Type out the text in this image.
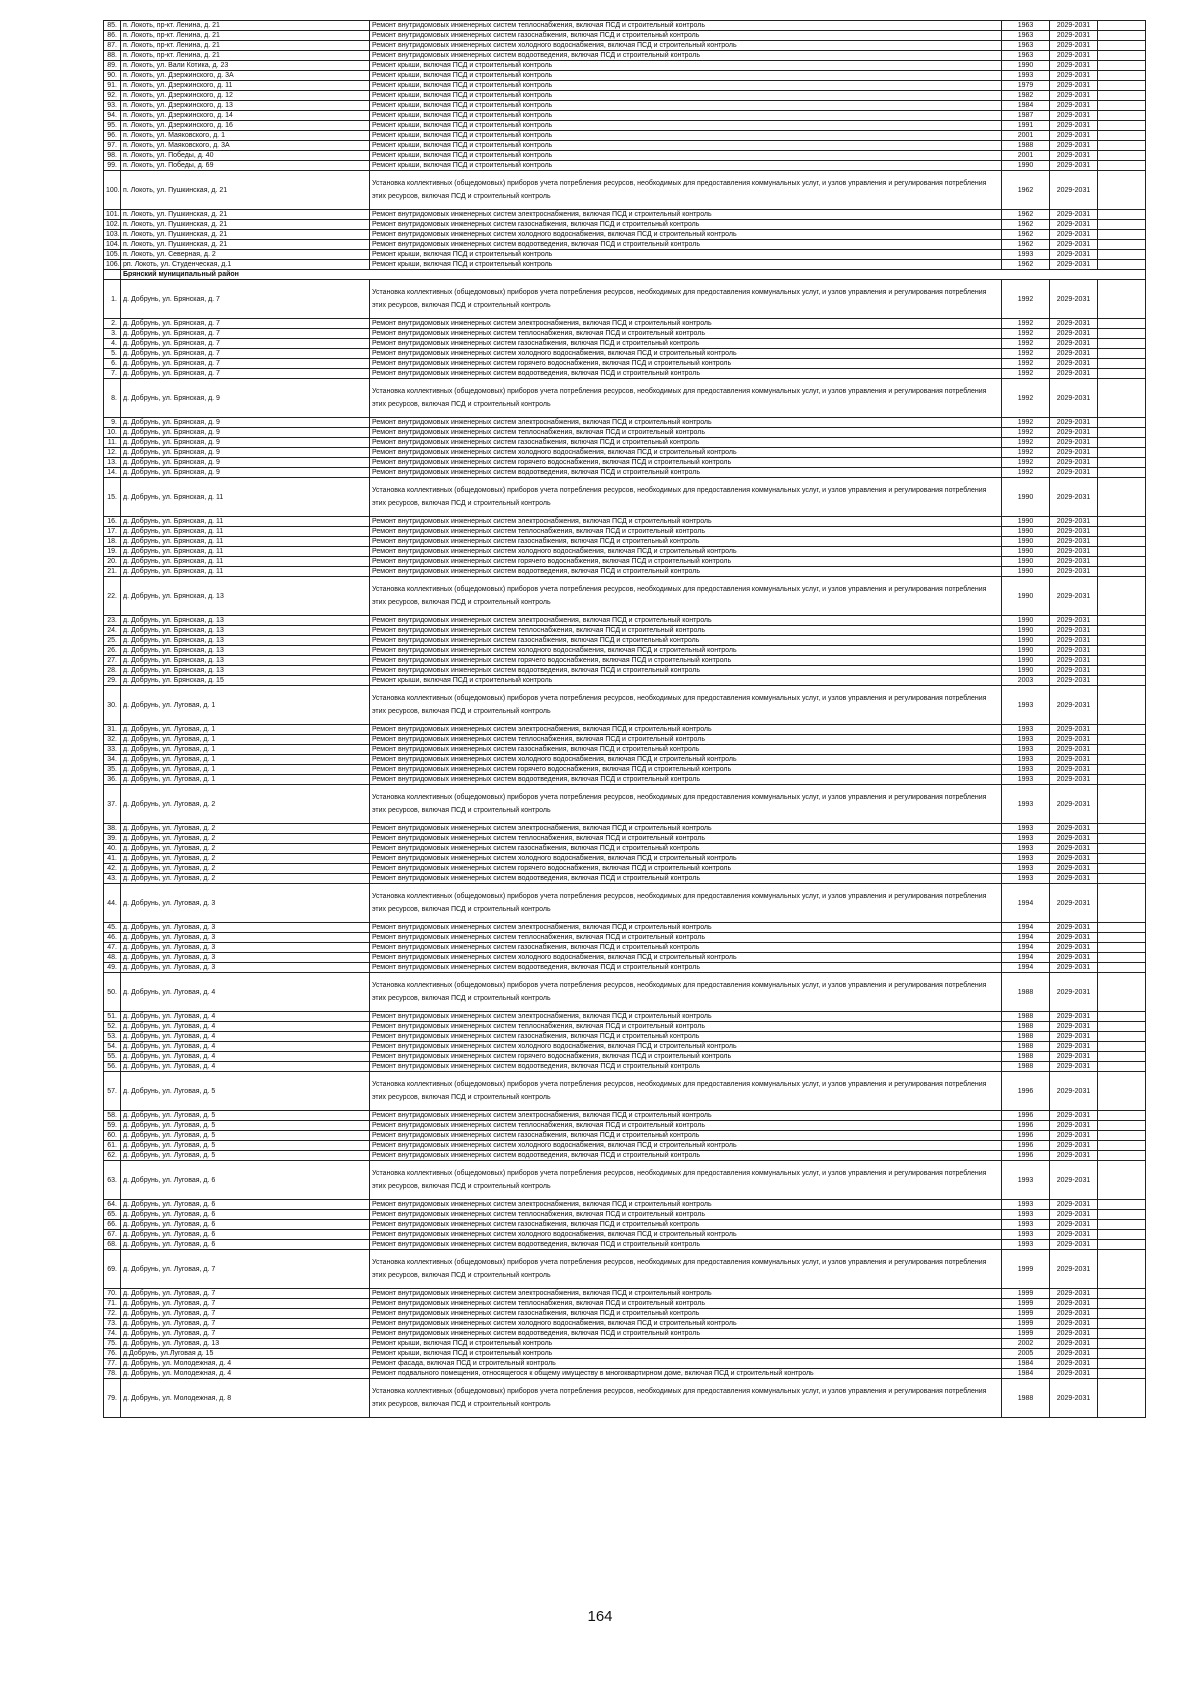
85.	п. Локоть, пр-кт. Ленина, д. 21	Ремонт внутридомовых инженерных систем теплоснабжения, включая ПСД и строительный контроль	1963	2029-2031	
86.	п. Локоть, пр-кт. Ленина, д. 21	Ремонт внутридомовых инженерных систем газоснабжения, включая ПСД и строительный контроль	1963	2029-2031	
87.	п. Локоть, пр-кт. Ленина, д. 21	Ремонт внутридомовых инженерных систем холодного водоснабжения, включая ПСД и строительный контроль	1963	2029-2031	
88.	п. Локоть, пр-кт. Ленина, д. 21	Ремонт внутридомовых инженерных систем водоотведения, включая ПСД и строительный контроль	1963	2029-2031	
89.	п. Локоть, ул. Вали Котика, д. 23	Ремонт крыши, включая ПСД и строительный контроль	1990	2029-2031	
90.	п. Локоть, ул. Дзержинского, д. 3А	Ремонт крыши, включая ПСД и строительный контроль	1993	2029-2031	
91.	п. Локоть, ул. Дзержинского, д. 11	Ремонт крыши, включая ПСД и строительный контроль	1979	2029-2031	
92.	п. Локоть, ул. Дзержинского, д. 12	Ремонт крыши, включая ПСД и строительный контроль	1982	2029-2031	
93.	п. Локоть, ул. Дзержинского, д. 13	Ремонт крыши, включая ПСД и строительный контроль	1984	2029-2031	
94.	п. Локоть, ул. Дзержинского, д. 14	Ремонт крыши, включая ПСД и строительный контроль	1987	2029-2031	
95.	п. Локоть, ул. Дзержинского, д. 16	Ремонт крыши, включая ПСД и строительный контроль	1991	2029-2031	
96.	п. Локоть, ул. Маяковского, д. 1	Ремонт крыши, включая ПСД и строительный контроль	2001	2029-2031	
97.	п. Локоть, ул. Маяковского, д. 3А	Ремонт крыши, включая ПСД и строительный контроль	1988	2029-2031	
98.	п. Локоть, ул. Победы, д. 40	Ремонт крыши, включая ПСД и строительный контроль	2001	2029-2031	
99.	п. Локоть, ул. Победы, д. 69	Ремонт крыши, включая ПСД и строительный контроль	1990	2029-2031	
100.	п. Локоть, ул. Пушкинская, д. 21	Установка коллективных (общедомовых) приборов учета потребления ресурсов, необходимых для предоставления коммунальных услуг, и узлов управления и регулирования потребления этих ресурсов, включая ПСД и строительный контроль	1962	2029-2031	
101.	п. Локоть, ул. Пушкинская, д. 21	Ремонт внутридомовых инженерных систем электроснабжения, включая ПСД и строительный контроль	1962	2029-2031	
102.	п. Локоть, ул. Пушкинская, д. 21	Ремонт внутридомовых инженерных систем газоснабжения, включая ПСД и строительный контроль	1962	2029-2031	
103.	п. Локоть, ул. Пушкинская, д. 21	Ремонт внутридомовых инженерных систем холодного водоснабжения, включая ПСД и строительный контроль	1962	2029-2031	
104.	п. Локоть, ул. Пушкинская, д. 21	Ремонт внутридомовых инженерных систем водоотведения, включая ПСД и строительный контроль	1962	2029-2031	
105.	п. Локоть, ул. Северная, д. 2	Ремонт крыши, включая ПСД и строительный контроль	1993	2029-2031	
106.	рп. Локоть, ул. Студенческая, д.1	Ремонт крыши, включая ПСД и строительный контроль	1962	2029-2031	
	Брянский муниципальный район				
1.	д. Добрунь, ул. Брянская, д. 7	Установка коллективных (общедомовых) приборов учета потребления ресурсов, необходимых для предоставления коммунальных услуг, и узлов управления и регулирования потребления этих ресурсов, включая ПСД и строительный контроль	1992	2029-2031	
2.	д. Добрунь, ул. Брянская, д. 7	Ремонт внутридомовых инженерных систем электроснабжения, включая ПСД и строительный контроль	1992	2029-2031	
3.	д. Добрунь, ул. Брянская, д. 7	Ремонт внутридомовых инженерных систем теплоснабжения, включая ПСД и строительный контроль	1992	2029-2031	
4.	д. Добрунь, ул. Брянская, д. 7	Ремонт внутридомовых инженерных систем газоснабжения, включая ПСД и строительный контроль	1992	2029-2031	
5.	д. Добрунь, ул. Брянская, д. 7	Ремонт внутридомовых инженерных систем холодного водоснабжения, включая ПСД и строительный контроль	1992	2029-2031	
6.	д. Добрунь, ул. Брянская, д. 7	Ремонт внутридомовых инженерных систем горячего водоснабжения, включая ПСД и строительный контроль	1992	2029-2031	
7.	д. Добрунь, ул. Брянская, д. 7	Ремонт внутридомовых инженерных систем водоотведения, включая ПСД и строительный контроль	1992	2029-2031	
8.	д. Добрунь, ул. Брянская, д. 9	Установка коллективных (общедомовых) приборов учета потребления ресурсов, необходимых для предоставления коммунальных услуг, и узлов управления и регулирования потребления этих ресурсов, включая ПСД и строительный контроль	1992	2029-2031	
9.	д. Добрунь, ул. Брянская, д. 9	Ремонт внутридомовых инженерных систем электроснабжения, включая ПСД и строительный контроль	1992	2029-2031	
10.	д. Добрунь, ул. Брянская, д. 9	Ремонт внутридомовых инженерных систем теплоснабжения, включая ПСД и строительный контроль	1992	2029-2031	
11.	д. Добрунь, ул. Брянская, д. 9	Ремонт внутридомовых инженерных систем газоснабжения, включая ПСД и строительный контроль	1992	2029-2031	
12.	д. Добрунь, ул. Брянская, д. 9	Ремонт внутридомовых инженерных систем холодного водоснабжения, включая ПСД и строительный контроль	1992	2029-2031	
13.	д. Добрунь, ул. Брянская, д. 9	Ремонт внутридомовых инженерных систем горячего водоснабжения, включая ПСД и строительный контроль	1992	2029-2031	
14.	д. Добрунь, ул. Брянская, д. 9	Ремонт внутридомовых инженерных систем водоотведения, включая ПСД и строительный контроль	1992	2029-2031	
15.	д. Добрунь, ул. Брянская, д. 11	Установка коллективных (общедомовых) приборов учета потребления ресурсов, необходимых для предоставления коммунальных услуг, и узлов управления и регулирования потребления этих ресурсов, включая ПСД и строительный контроль	1990	2029-2031	
16.	д. Добрунь, ул. Брянская, д. 11	Ремонт внутридомовых инженерных систем электроснабжения, включая ПСД и строительный контроль	1990	2029-2031	
17.	д. Добрунь, ул. Брянская, д. 11	Ремонт внутридомовых инженерных систем теплоснабжения, включая ПСД и строительный контроль	1990	2029-2031	
18.	д. Добрунь, ул. Брянская, д. 11	Ремонт внутридомовых инженерных систем газоснабжения, включая ПСД и строительный контроль	1990	2029-2031	
19.	д. Добрунь, ул. Брянская, д. 11	Ремонт внутридомовых инженерных систем холодного водоснабжения, включая ПСД и строительный контроль	1990	2029-2031	
20.	д. Добрунь, ул. Брянская, д. 11	Ремонт внутридомовых инженерных систем горячего водоснабжения, включая ПСД и строительный контроль	1990	2029-2031	
21.	д. Добрунь, ул. Брянская, д. 11	Ремонт внутридомовых инженерных систем водоотведения, включая ПСД и строительный контроль	1990	2029-2031	
22.	д. Добрунь, ул. Брянская, д. 13	Установка коллективных (общедомовых) приборов учета потребления ресурсов, необходимых для предоставления коммунальных услуг, и узлов управления и регулирования потребления этих ресурсов, включая ПСД и строительный контроль	1990	2029-2031	
23.	д. Добрунь, ул. Брянская, д. 13	Ремонт внутридомовых инженерных систем электроснабжения, включая ПСД и строительный контроль	1990	2029-2031	
24.	д. Добрунь, ул. Брянская, д. 13	Ремонт внутридомовых инженерных систем теплоснабжения, включая ПСД и строительный контроль	1990	2029-2031	
25.	д. Добрунь, ул. Брянская, д. 13	Ремонт внутридомовых инженерных систем газоснабжения, включая ПСД и строительный контроль	1990	2029-2031	
26.	д. Добрунь, ул. Брянская, д. 13	Ремонт внутридомовых инженерных систем холодного водоснабжения, включая ПСД и строительный контроль	1990	2029-2031	
27.	д. Добрунь, ул. Брянская, д. 13	Ремонт внутридомовых инженерных систем горячего водоснабжения, включая ПСД и строительный контроль	1990	2029-2031	
28.	д. Добрунь, ул. Брянская, д. 13	Ремонт внутридомовых инженерных систем водоотведения, включая ПСД и строительный контроль	1990	2029-2031	
29.	д. Добрунь, ул. Брянская, д. 15	Ремонт крыши, включая ПСД и строительный контроль	2003	2029-2031	
30.	д. Добрунь, ул. Луговая, д. 1	Установка коллективных (общедомовых) приборов учета потребления ресурсов, необходимых для предоставления коммунальных услуг, и узлов управления и регулирования потребления этих ресурсов, включая ПСД и строительный контроль	1993	2029-2031	
31.	д. Добрунь, ул. Луговая, д. 1	Ремонт внутридомовых инженерных систем электроснабжения, включая ПСД и строительный контроль	1993	2029-2031	
32.	д. Добрунь, ул. Луговая, д. 1	Ремонт внутридомовых инженерных систем теплоснабжения, включая ПСД и строительный контроль	1993	2029-2031	
33.	д. Добрунь, ул. Луговая, д. 1	Ремонт внутридомовых инженерных систем газоснабжения, включая ПСД и строительный контроль	1993	2029-2031	
34.	д. Добрунь, ул. Луговая, д. 1	Ремонт внутридомовых инженерных систем холодного водоснабжения, включая ПСД и строительный контроль	1993	2029-2031	
35.	д. Добрунь, ул. Луговая, д. 1	Ремонт внутридомовых инженерных систем горячего водоснабжения, включая ПСД и строительный контроль	1993	2029-2031	
36.	д. Добрунь, ул. Луговая, д. 1	Ремонт внутридомовых инженерных систем водоотведения, включая ПСД и строительный контроль	1993	2029-2031	
37.	д. Добрунь, ул. Луговая, д. 2	Установка коллективных (общедомовых) приборов учета потребления ресурсов, необходимых для предоставления коммунальных услуг, и узлов управления и регулирования потребления этих ресурсов, включая ПСД и строительный контроль	1993	2029-2031	
38.	д. Добрунь, ул. Луговая, д. 2	Ремонт внутридомовых инженерных систем электроснабжения, включая ПСД и строительный контроль	1993	2029-2031	
39.	д. Добрунь, ул. Луговая, д. 2	Ремонт внутридомовых инженерных систем теплоснабжения, включая ПСД и строительный контроль	1993	2029-2031	
40.	д. Добрунь, ул. Луговая, д. 2	Ремонт внутридомовых инженерных систем газоснабжения, включая ПСД и строительный контроль	1993	2029-2031	
41.	д. Добрунь, ул. Луговая, д. 2	Ремонт внутридомовых инженерных систем холодного водоснабжения, включая ПСД и строительный контроль	1993	2029-2031	
42.	д. Добрунь, ул. Луговая, д. 2	Ремонт внутридомовых инженерных систем горячего водоснабжения, включая ПСД и строительный контроль	1993	2029-2031	
43.	д. Добрунь, ул. Луговая, д. 2	Ремонт внутридомовых инженерных систем водоотведения, включая ПСД и строительный контроль	1993	2029-2031	
44.	д. Добрунь, ул. Луговая, д. 3	Установка коллективных (общедомовых) приборов учета потребления ресурсов, необходимых для предоставления коммунальных услуг, и узлов управления и регулирования потребления этих ресурсов, включая ПСД и строительный контроль	1994	2029-2031	
45.	д. Добрунь, ул. Луговая, д. 3	Ремонт внутридомовых инженерных систем электроснабжения, включая ПСД и строительный контроль	1994	2029-2031	
46.	д. Добрунь, ул. Луговая, д. 3	Ремонт внутридомовых инженерных систем теплоснабжения, включая ПСД и строительный контроль	1994	2029-2031	
47.	д. Добрунь, ул. Луговая, д. 3	Ремонт внутридомовых инженерных систем газоснабжения, включая ПСД и строительный контроль	1994	2029-2031	
48.	д. Добрунь, ул. Луговая, д. 3	Ремонт внутридомовых инженерных систем холодного водоснабжения, включая ПСД и строительный контроль	1994	2029-2031	
49.	д. Добрунь, ул. Луговая, д. 3	Ремонт внутридомовых инженерных систем водоотведения, включая ПСД и строительный контроль	1994	2029-2031	
50.	д. Добрунь, ул. Луговая, д. 4	Установка коллективных (общедомовых) приборов учета потребления ресурсов, необходимых для предоставления коммунальных услуг, и узлов управления и регулирования потребления этих ресурсов, включая ПСД и строительный контроль	1988	2029-2031	
51.	д. Добрунь, ул. Луговая, д. 4	Ремонт внутридомовых инженерных систем электроснабжения, включая ПСД и строительный контроль	1988	2029-2031	
52.	д. Добрунь, ул. Луговая, д. 4	Ремонт внутридомовых инженерных систем теплоснабжения, включая ПСД и строительный контроль	1988	2029-2031	
53.	д. Добрунь, ул. Луговая, д. 4	Ремонт внутридомовых инженерных систем газоснабжения, включая ПСД и строительный контроль	1988	2029-2031	
54.	д. Добрунь, ул. Луговая, д. 4	Ремонт внутридомовых инженерных систем холодного водоснабжения, включая ПСД и строительный контроль	1988	2029-2031	
55.	д. Добрунь, ул. Луговая, д. 4	Ремонт внутридомовых инженерных систем горячего водоснабжения, включая ПСД и строительный контроль	1988	2029-2031	
56.	д. Добрунь, ул. Луговая, д. 4	Ремонт внутридомовых инженерных систем водоотведения, включая ПСД и строительный контроль	1988	2029-2031	
57.	д. Добрунь, ул. Луговая, д. 5	Установка коллективных (общедомовых) приборов учета потребления ресурсов, необходимых для предоставления коммунальных услуг, и узлов управления и регулирования потребления этих ресурсов, включая ПСД и строительный контроль	1996	2029-2031	
58.	д. Добрунь, ул. Луговая, д. 5	Ремонт внутридомовых инженерных систем электроснабжения, включая ПСД и строительный контроль	1996	2029-2031	
59.	д. Добрунь, ул. Луговая, д. 5	Ремонт внутридомовых инженерных систем теплоснабжения, включая ПСД и строительный контроль	1996	2029-2031	
60.	д. Добрунь, ул. Луговая, д. 5	Ремонт внутридомовых инженерных систем газоснабжения, включая ПСД и строительный контроль	1996	2029-2031	
61.	д. Добрунь, ул. Луговая, д. 5	Ремонт внутридомовых инженерных систем холодного водоснабжения, включая ПСД и строительный контроль	1996	2029-2031	
62.	д. Добрунь, ул. Луговая, д. 5	Ремонт внутридомовых инженерных систем водоотведения, включая ПСД и строительный контроль	1996	2029-2031	
63.	д. Добрунь, ул. Луговая, д. 6	Установка коллективных (общедомовых) приборов учета потребления ресурсов, необходимых для предоставления коммунальных услуг, и узлов управления и регулирования потребления этих ресурсов, включая ПСД и строительный контроль	1993	2029-2031	
64.	д. Добрунь, ул. Луговая, д. 6	Ремонт внутридомовых инженерных систем электроснабжения, включая ПСД и строительный контроль	1993	2029-2031	
65.	д. Добрунь, ул. Луговая, д. 6	Ремонт внутридомовых инженерных систем теплоснабжения, включая ПСД и строительный контроль	1993	2029-2031	
66.	д. Добрунь, ул. Луговая, д. 6	Ремонт внутридомовых инженерных систем газоснабжения, включая ПСД и строительный контроль	1993	2029-2031	
67.	д. Добрунь, ул. Луговая, д. 6	Ремонт внутридомовых инженерных систем холодного водоснабжения, включая ПСД и строительный контроль	1993	2029-2031	
68.	д. Добрунь, ул. Луговая, д. 6	Ремонт внутридомовых инженерных систем водоотведения, включая ПСД и строительный контроль	1993	2029-2031	
69.	д. Добрунь, ул. Луговая, д. 7	Установка коллективных (общедомовых) приборов учета потребления ресурсов, необходимых для предоставления коммунальных услуг, и узлов управления и регулирования потребления этих ресурсов, включая ПСД и строительный контроль	1999	2029-2031	
70.	д. Добрунь, ул. Луговая, д. 7	Ремонт внутридомовых инженерных систем электроснабжения, включая ПСД и строительный контроль	1999	2029-2031	
71.	д. Добрунь, ул. Луговая, д. 7	Ремонт внутридомовых инженерных систем теплоснабжения, включая ПСД и строительный контроль	1999	2029-2031	
72.	д. Добрунь, ул. Луговая, д. 7	Ремонт внутридомовых инженерных систем газоснабжения, включая ПСД и строительный контроль	1999	2029-2031	
73.	д. Добрунь, ул. Луговая, д. 7	Ремонт внутридомовых инженерных систем холодного водоснабжения, включая ПСД и строительный контроль	1999	2029-2031	
74.	д. Добрунь, ул. Луговая, д. 7	Ремонт внутридомовых инженерных систем водоотведения, включая ПСД и строительный контроль	1999	2029-2031	
75.	д. Добрунь, ул. Луговая, д. 13	Ремонт крыши, включая ПСД и строительный контроль	2002	2029-2031	
76.	д.Добрунь, ул.Луговая д. 15	Ремонт крыши, включая ПСД и строительный контроль	2005	2029-2031	
77.	д. Добрунь, ул. Молодежная, д. 4	Ремонт фасада, включая ПСД и строительный контроль	1984	2029-2031	
78.	д. Добрунь, ул. Молодежная, д. 4	Ремонт подвального помещения, относящегося к общему имуществу в многоквартирном доме, включая ПСД и строительный контроль	1984	2029-2031	
79.	д. Добрунь, ул. Молодежная, д. 8	Установка коллективных (общедомовых) приборов учета потребления ресурсов, необходимых для предоставления коммунальных услуг, и узлов управления и регулирования потребления этих ресурсов, включая ПСД и строительный контроль	1988	2029-2031	
164
